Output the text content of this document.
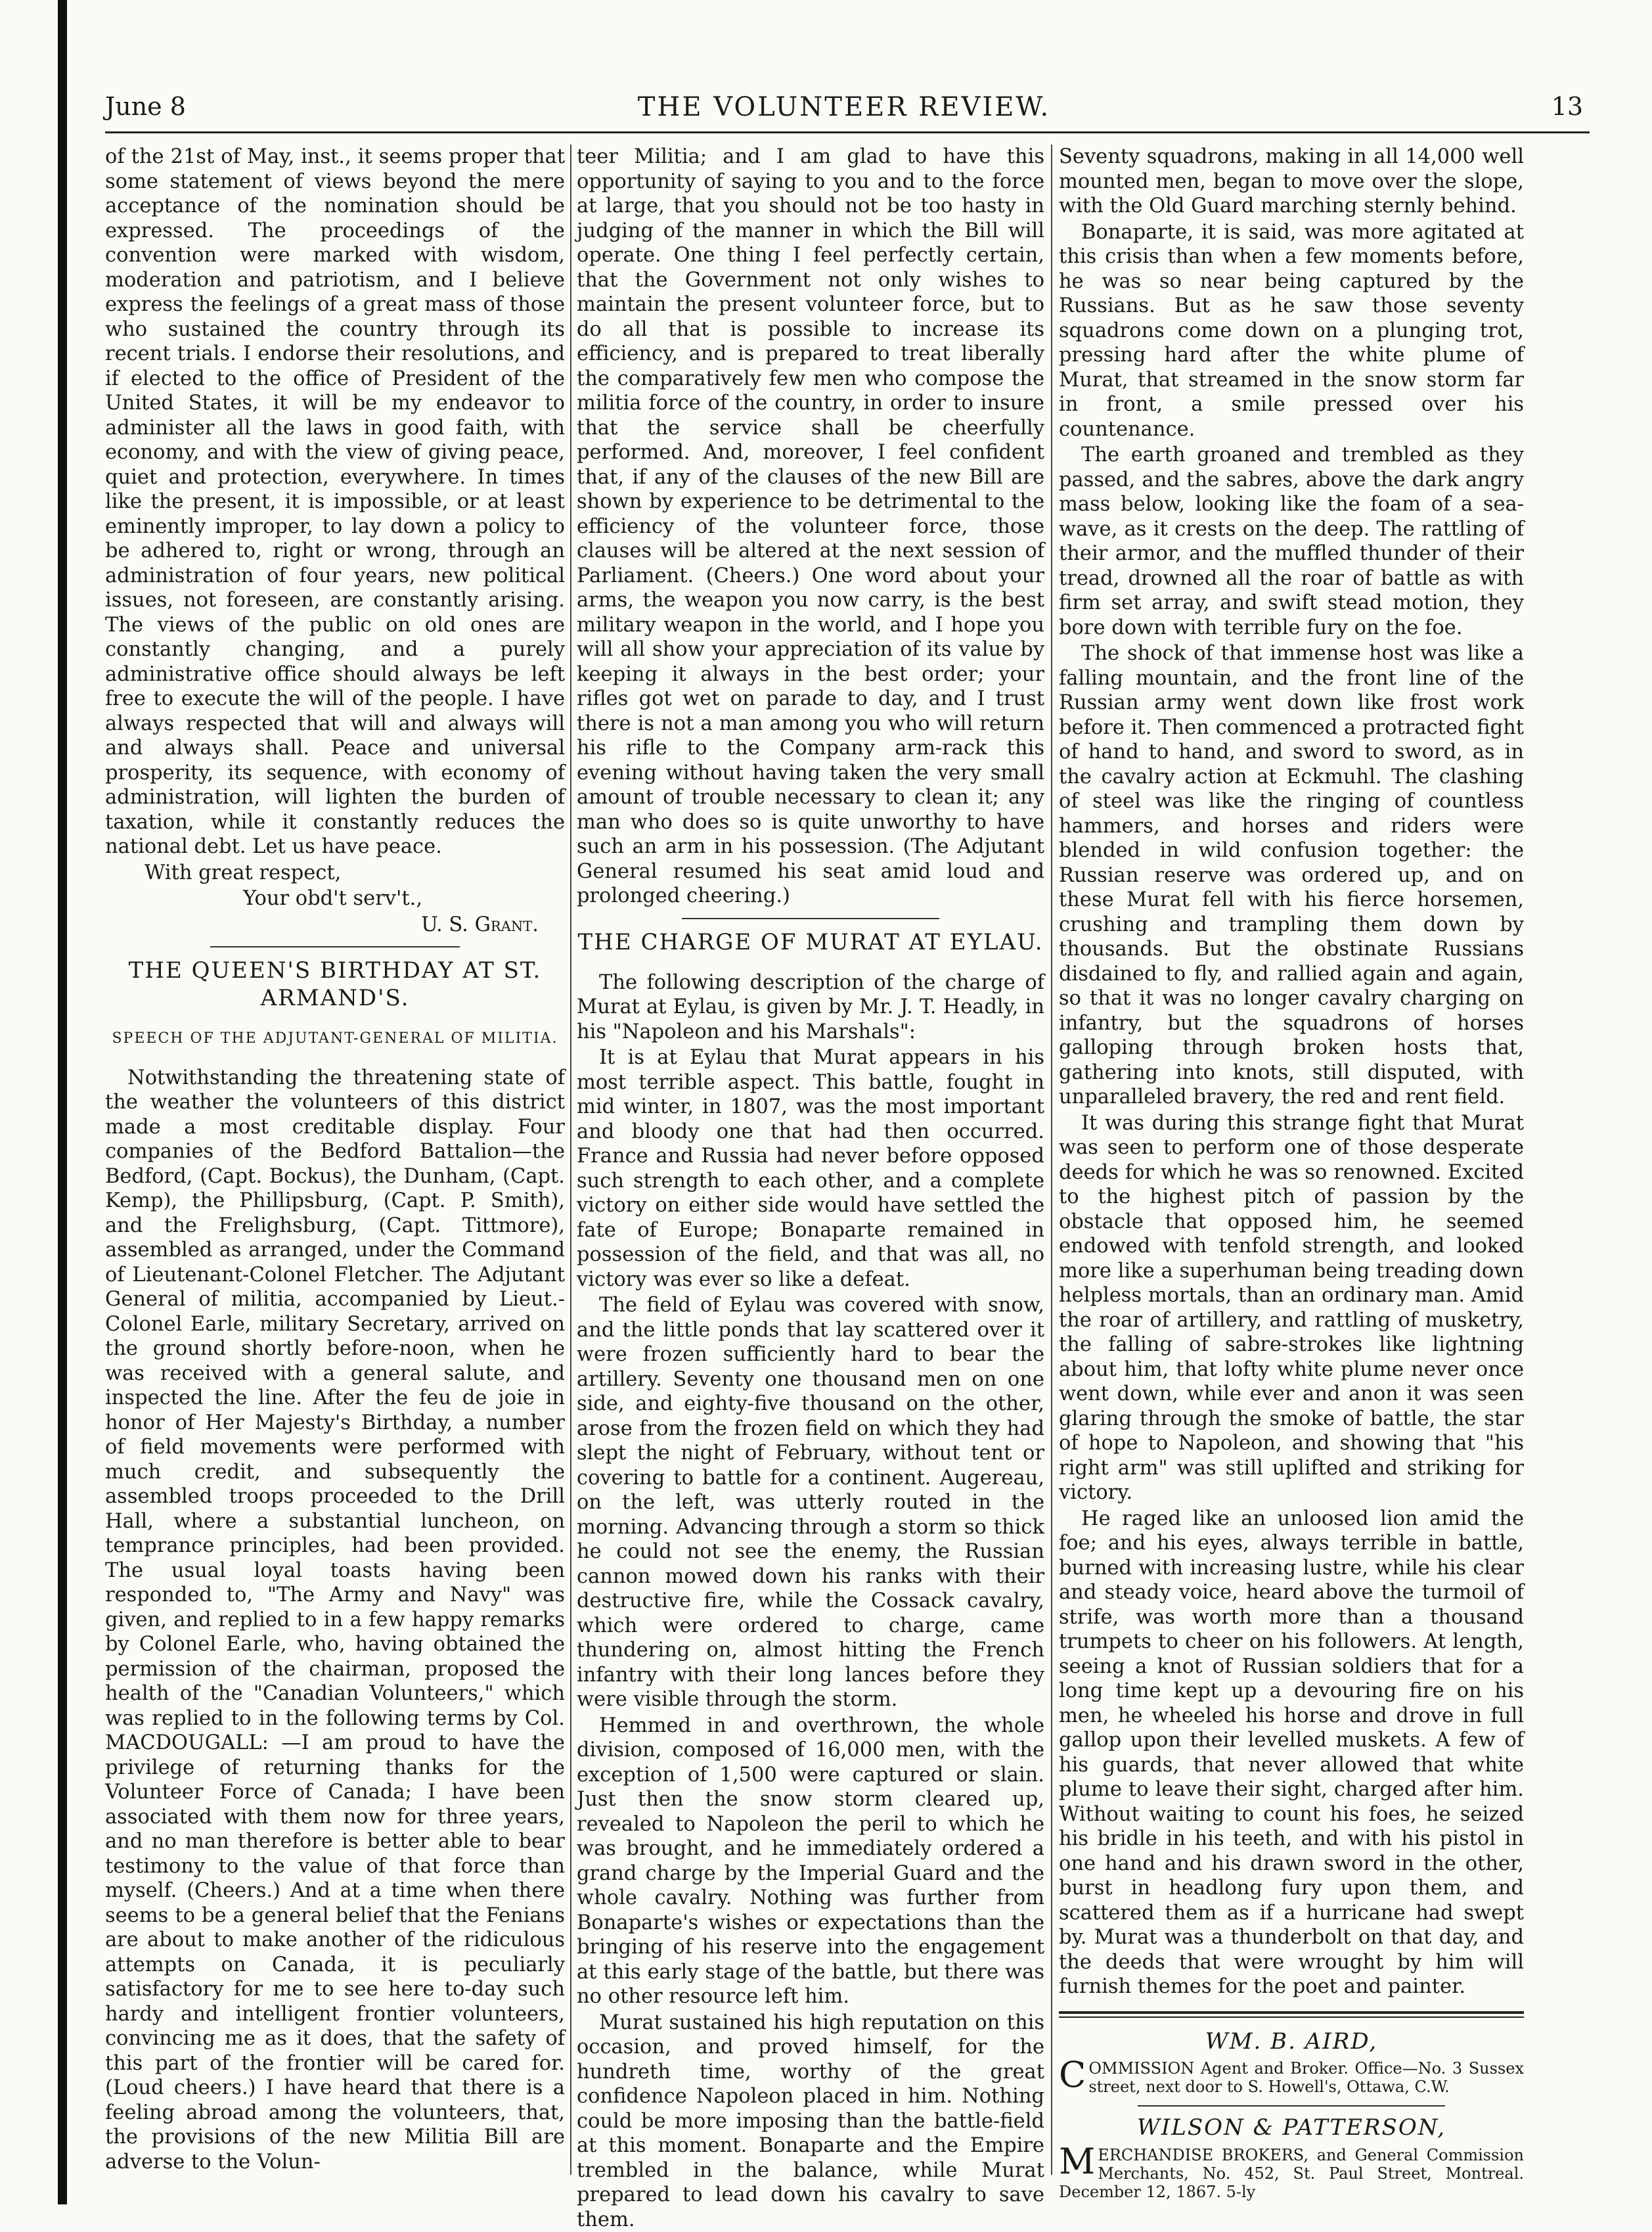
June 8	THE VOLUNTEER REVIEW.	13

of the 21st of May, inst., it seems proper that some statement of views beyond the mere acceptance of the nomination should be expressed. The proceedings of the convention were marked with wisdom, moderation and patriotism, and I believe express the feelings of a great mass of those who sustained the country through its recent trials. I endorse their resolutions, and if elected to the office of President of the United States, it will be my endeavor to administer all the laws in good faith, with economy, and with the view of giving peace, quiet and protection, everywhere. In times like the present, it is impossible, or at least eminently improper, to lay down a policy to be adhered to, right or wrong, through an administration of four years, new political issues, not foreseen, are constantly arising. The views of the public on old ones are constantly changing, and a purely administrative office should always be left free to execute the will of the people. I have always respected that will and always will and always shall. Peace and universal prosperity, its sequence, with economy of administration, will lighten the burden of taxation, while it constantly reduces the national debt. Let us have peace.

With great respect,

Your obd't serv't.,

U. S. Grant.

THE QUEEN'S BIRTHDAY AT ST. ARMAND'S.

SPEECH OF THE ADJUTANT-GENERAL OF MILITIA.

Notwithstanding the threatening state of the weather the volunteers of this district made a most creditable display. Four companies of the Bedford Battalion—the Bedford, (Capt. Bockus), the Dunham, (Capt. Kemp), the Phillipsburg, (Capt. P. Smith), and the Frelighsburg, (Capt. Tittmore), assembled as arranged, under the Command of Lieutenant-Colonel Fletcher. The Adjutant General of militia, accompanied by Lieut.-Colonel Earle, military Secretary, arrived on the ground shortly before-noon, when he was received with a general salute, and inspected the line. After the feu de joie in honor of Her Majesty's Birthday, a number of field movements were performed with much credit, and subsequently the assembled troops proceeded to the Drill Hall, where a substantial luncheon, on temprance principles, had been provided. The usual loyal toasts having been responded to, "The Army and Navy" was given, and replied to in a few happy remarks by Colonel Earle, who, having obtained the permission of the chairman, proposed the health of the "Canadian Volunteers," which was replied to in the following terms by Col. MACDOUGALL: —I am proud to have the privilege of returning thanks for the Volunteer Force of Canada; I have been associated with them now for three years, and no man therefore is better able to bear testimony to the value of that force than myself. (Cheers.) And at a time when there seems to be a general belief that the Fenians are about to make another of the ridiculous attempts on Canada, it is peculiarly satisfactory for me to see here to-day such hardy and intelligent frontier volunteers, convincing me as it does, that the safety of this part of the frontier will be cared for. (Loud cheers.) I have heard that there is a feeling abroad among the volunteers, that, the provisions of the new Militia Bill are adverse to the Volun-

teer Militia; and I am glad to have this opportunity of saying to you and to the force at large, that you should not be too hasty in judging of the manner in which the Bill will operate. One thing I feel perfectly certain, that the Government not only wishes to maintain the present volunteer force, but to do all that is possible to increase its efficiency, and is prepared to treat liberally the comparatively few men who compose the militia force of the country, in order to insure that the service shall be cheerfully performed. And, moreover, I feel confident that, if any of the clauses of the new Bill are shown by experience to be detrimental to the efficiency of the volunteer force, those clauses will be altered at the next session of Parliament. (Cheers.) One word about your arms, the weapon you now carry, is the best military weapon in the world, and I hope you will all show your appreciation of its value by keeping it always in the best order; your rifles got wet on parade to day, and I trust there is not a man among you who will return his rifle to the Company arm-rack this evening without having taken the very small amount of trouble necessary to clean it; any man who does so is quite unworthy to have such an arm in his possession. (The Adjutant General resumed his seat amid loud and prolonged cheering.)

THE CHARGE OF MURAT AT EYLAU.

The following description of the charge of Murat at Eylau, is given by Mr. J. T. Headly, in his "Napoleon and his Marshals":

It is at Eylau that Murat appears in his most terrible aspect. This battle, fought in mid winter, in 1807, was the most important and bloody one that had then occurred. France and Russia had never before opposed such strength to each other, and a complete victory on either side would have settled the fate of Europe; Bonaparte remained in possession of the field, and that was all, no victory was ever so like a defeat.

The field of Eylau was covered with snow, and the little ponds that lay scattered over it were frozen sufficiently hard to bear the artillery. Seventy one thousand men on one side, and eighty-five thousand on the other, arose from the frozen field on which they had slept the night of February, without tent or covering to battle for a continent. Augereau, on the left, was utterly routed in the morning. Advancing through a storm so thick he could not see the enemy, the Russian cannon mowed down his ranks with their destructive fire, while the Cossack cavalry, which were ordered to charge, came thundering on, almost hitting the French infantry with their long lances before they were visible through the storm.

Hemmed in and overthrown, the whole division, composed of 16,000 men, with the exception of 1,500 were captured or slain. Just then the snow storm cleared up, revealed to Napoleon the peril to which he was brought, and he immediately ordered a grand charge by the Imperial Guard and the whole cavalry. Nothing was further from Bonaparte's wishes or expectations than the bringing of his reserve into the engagement at this early stage of the battle, but there was no other resource left him.

Murat sustained his high reputation on this occasion, and proved himself, for the hundreth time, worthy of the great confidence Napoleon placed in him. Nothing could be more imposing than the battle-field at this moment. Bonaparte and the Empire trembled in the balance, while Murat prepared to lead down his cavalry to save them.

Seventy squadrons, making in all 14,000 well mounted men, began to move over the slope, with the Old Guard marching sternly behind.

Bonaparte, it is said, was more agitated at this crisis than when a few moments before, he was so near being captured by the Russians. But as he saw those seventy squadrons come down on a plunging trot, pressing hard after the white plume of Murat, that streamed in the snow storm far in front, a smile pressed over his countenance.

The earth groaned and trembled as they passed, and the sabres, above the dark angry mass below, looking like the foam of a sea-wave, as it crests on the deep. The rattling of their armor, and the muffled thunder of their tread, drowned all the roar of battle as with firm set array, and swift stead motion, they bore down with terrible fury on the foe.

The shock of that immense host was like a falling mountain, and the front line of the Russian army went down like frost work before it. Then commenced a protracted fight of hand to hand, and sword to sword, as in the cavalry action at Eckmuhl. The clashing of steel was like the ringing of countless hammers, and horses and riders were blended in wild confusion together: the Russian reserve was ordered up, and on these Murat fell with his fierce horsemen, crushing and trampling them down by thousands. But the obstinate Russians disdained to fly, and rallied again and again, so that it was no longer cavalry charging on infantry, but the squadrons of horses galloping through broken hosts that, gathering into knots, still disputed, with unparalleled bravery, the red and rent field.

It was during this strange fight that Murat was seen to perform one of those desperate deeds for which he was so renowned. Excited to the highest pitch of passion by the obstacle that opposed him, he seemed endowed with tenfold strength, and looked more like a superhuman being treading down helpless mortals, than an ordinary man. Amid the roar of artillery, and rattling of musketry, the falling of sabre-strokes like lightning about him, that lofty white plume never once went down, while ever and anon it was seen glaring through the smoke of battle, the star of hope to Napoleon, and showing that "his right arm" was still uplifted and striking for victory.

He raged like an unloosed lion amid the foe; and his eyes, always terrible in battle, burned with increasing lustre, while his clear and steady voice, heard above the turmoil of strife, was worth more than a thousand trumpets to cheer on his followers. At length, seeing a knot of Russian soldiers that for a long time kept up a devouring fire on his men, he wheeled his horse and drove in full gallop upon their levelled muskets. A few of his guards, that never allowed that white plume to leave their sight, charged after him. Without waiting to count his foes, he seized his bridle in his teeth, and with his pistol in one hand and his drawn sword in the other, burst in headlong fury upon them, and scattered them as if a hurricane had swept by. Murat was a thunderbolt on that day, and the deeds that were wrought by him will furnish themes for the poet and painter.

WM. B. AIRD,

COMMISSION Agent and Broker. Office—No. 3 Sussex street, next door to S. Howell's, Ottawa, C.W.

WILSON & PATTERSON,

MERCHANDISE BROKERS, and General Commission Merchants, No. 452, St. Paul Street, Montreal. December 12, 1867. 5-ly
